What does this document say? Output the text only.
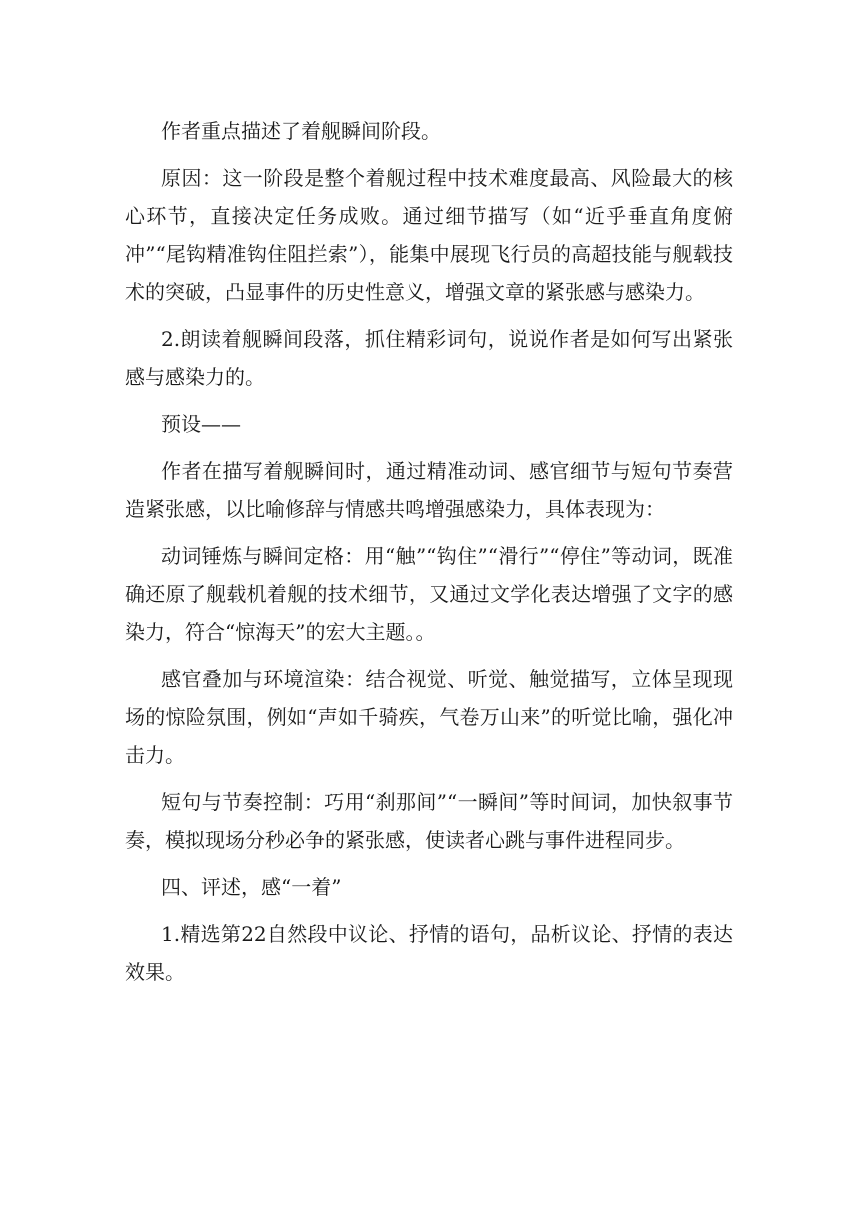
作者重点描述了着舰瞬间阶段。

原因：这一阶段是整个着舰过程中技术难度最高、风险最大的核心环节，直接决定任务成败。通过细节描写（如“近乎垂直角度俯冲”“尾钩精准钩住阻拦索”），能集中展现飞行员的高超技能与舰载技术的突破，凸显事件的历史性意义，增强文章的紧张感与感染力。

2.朗读着舰瞬间段落，抓住精彩词句，说说作者是如何写出紧张感与感染力的。

预设——

作者在描写着舰瞬间时，通过精准动词、感官细节与短句节奏营造紧张感，以比喻修辞与情感共鸣增强感染力，具体表现为：

动词锤炼与瞬间定格：用“触”“钩住”“滑行”“停住”等动词，既准确还原了舰载机着舰的技术细节，又通过文学化表达增强了文字的感染力，符合“惊海天”的宏大主题。。

感官叠加与环境渲染：结合视觉、听觉、触觉描写，立体呈现现场的惊险氛围，例如“声如千骑疾，气卷万山来”的听觉比喻，强化冲击力。

短句与节奏控制：巧用“刹那间”“一瞬间”等时间词，加快叙事节奏，模拟现场分秒必争的紧张感，使读者心跳与事件进程同步。

四、评述，感“一着”

1.精选第22自然段中议论、抒情的语句，品析议论、抒情的表达效果。
